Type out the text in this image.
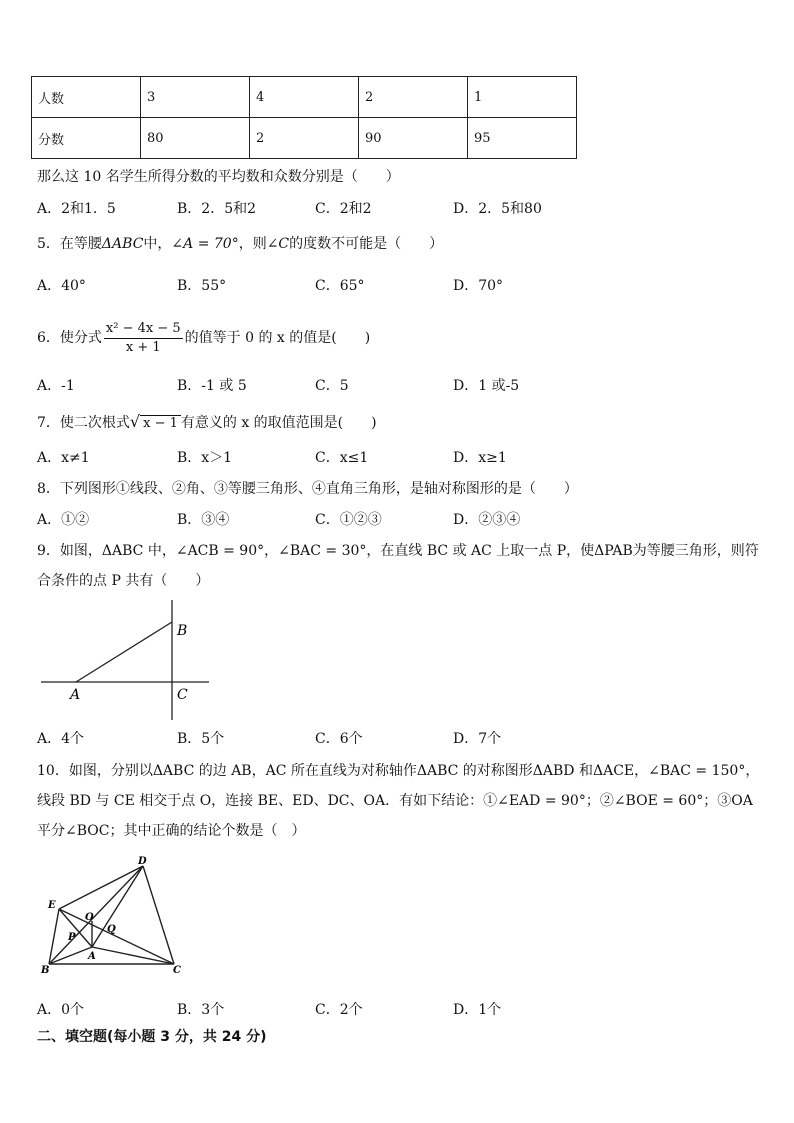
人数	3	4	2	1
分数	80	2	90	95
那么这 10 名学生所得分数的平均数和众数分别是（　　）
A．2和1．5	B．2．5和2	C．2和2	D．2．5和80
5．在等腰ΔABC中，∠A = 70°，则∠C的度数不可能是（　　）
A．40°	B．55°	C．65°	D．70°
6．使分式 $\frac{\text{x² − 4x − 5}}{x + 1}$ 的值等于 0 的 x 的值是(　　)
A．-1	B．-1 或 5	C．5	D．1 或-5
7．使二次根式√ x − 1 有意义的 x 的取值范围是(　　)
A．x≠1	B．x＞1	C．x≤1	D．x≥1
8．下列图形①线段、②角、③等腰三角形、④直角三角形，是轴对称图形的是（　　）
A．①②	B．③④	C．①②③	D．②③④
9．如图，ΔABC 中，∠ACB = 90°，∠BAC = 30°，在直线 BC 或 AC 上取一点 P，使ΔPAB为等腰三角形，则符
合条件的点 P 共有（　　）
A
B
C
A．4个	B．5个	C．6个	D．7个
10．如图，分别以ΔABC 的边 AB，AC 所在直线为对称轴作ΔABC 的对称图形ΔABD 和ΔACE，∠BAC = 150°，
线段 BD 与 CE 相交于点 O，连接 BE、ED、DC、OA．有如下结论：①∠EAD = 90°；②∠BOE = 60°；③OA
平分∠BOC；其中正确的结论个数是（　）
D
E
O
P
Q
A
B	C
A．0个	B．3个	C．2个	D．1个
二、填空题(每小题 3 分，共 24 分)
